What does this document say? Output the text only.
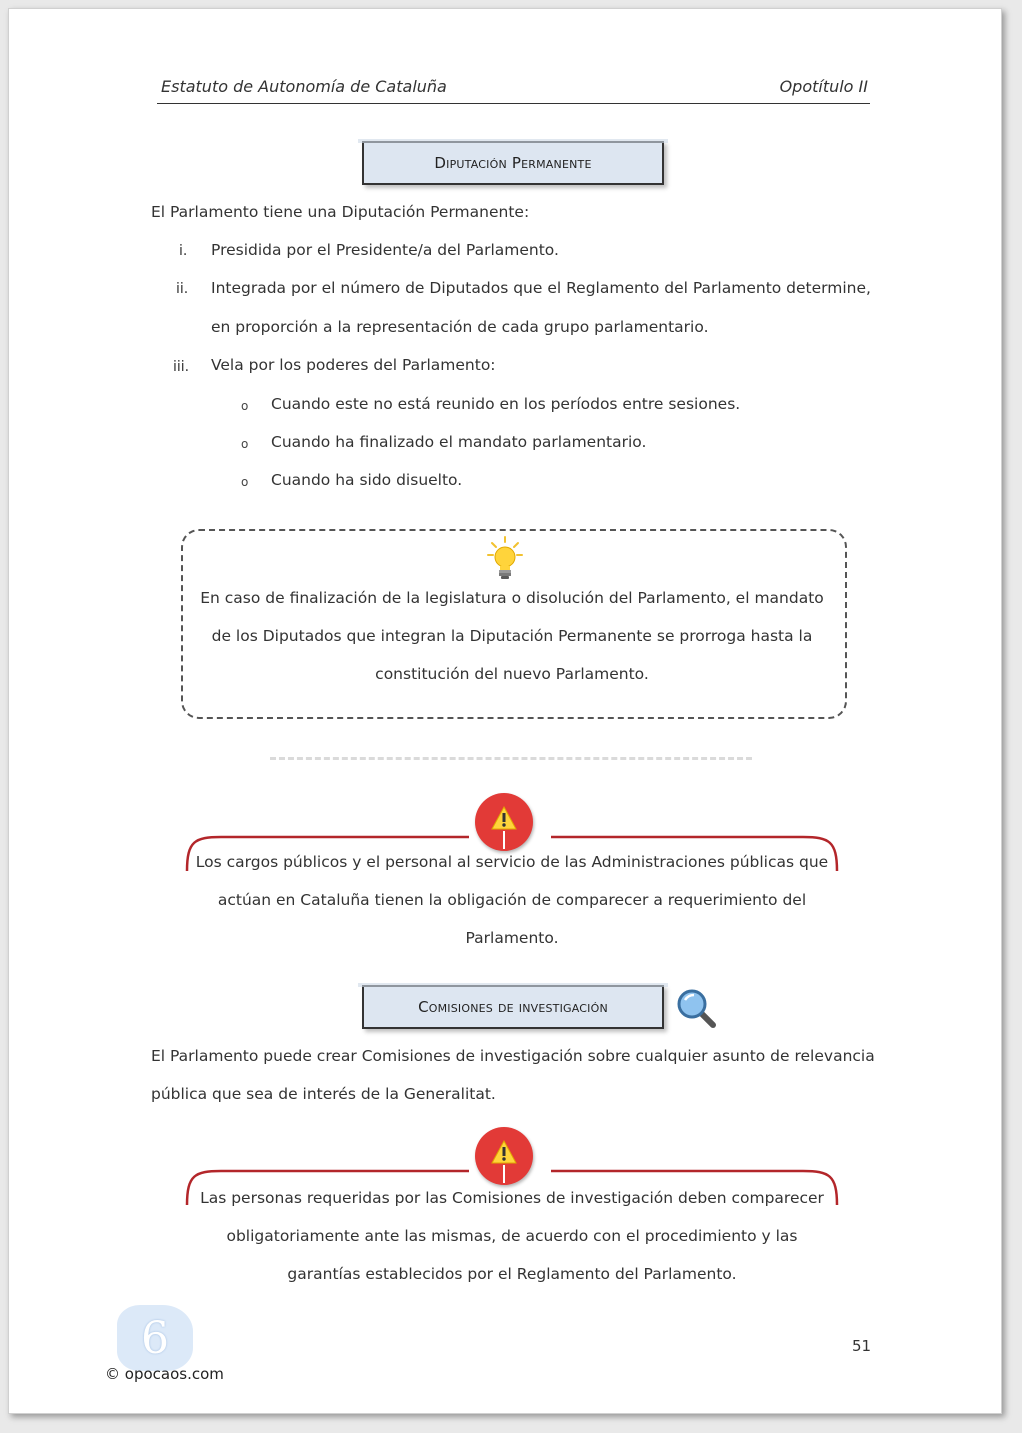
Estatuto de Autonomía de Cataluña	Opotítulo II
Diputación Permanente
El Parlamento tiene una Diputación Permanente:
i. Presidida por el Presidente/a del Parlamento.
ii. Integrada por el número de Diputados que el Reglamento del Parlamento determine,
en proporción a la representación de cada grupo parlamentario.
iii. Vela por los poderes del Parlamento:
o Cuando este no está reunido en los períodos entre sesiones.
o Cuando ha finalizado el mandato parlamentario.
o Cuando ha sido disuelto.
En caso de finalización de la legislatura o disolución del Parlamento, el mandato
de los Diputados que integran la Diputación Permanente se prorroga hasta la
constitución del nuevo Parlamento.
Los cargos públicos y el personal al servicio de las Administraciones públicas que
actúan en Cataluña tienen la obligación de comparecer a requerimiento del
Parlamento.
Comisiones de investigación
El Parlamento puede crear Comisiones de investigación sobre cualquier asunto de relevancia
pública que sea de interés de la Generalitat.
Las personas requeridas por las Comisiones de investigación deben comparecer
obligatoriamente ante las mismas, de acuerdo con el procedimiento y las
garantías establecidos por el Reglamento del Parlamento.
6
© opocaos.com
51
